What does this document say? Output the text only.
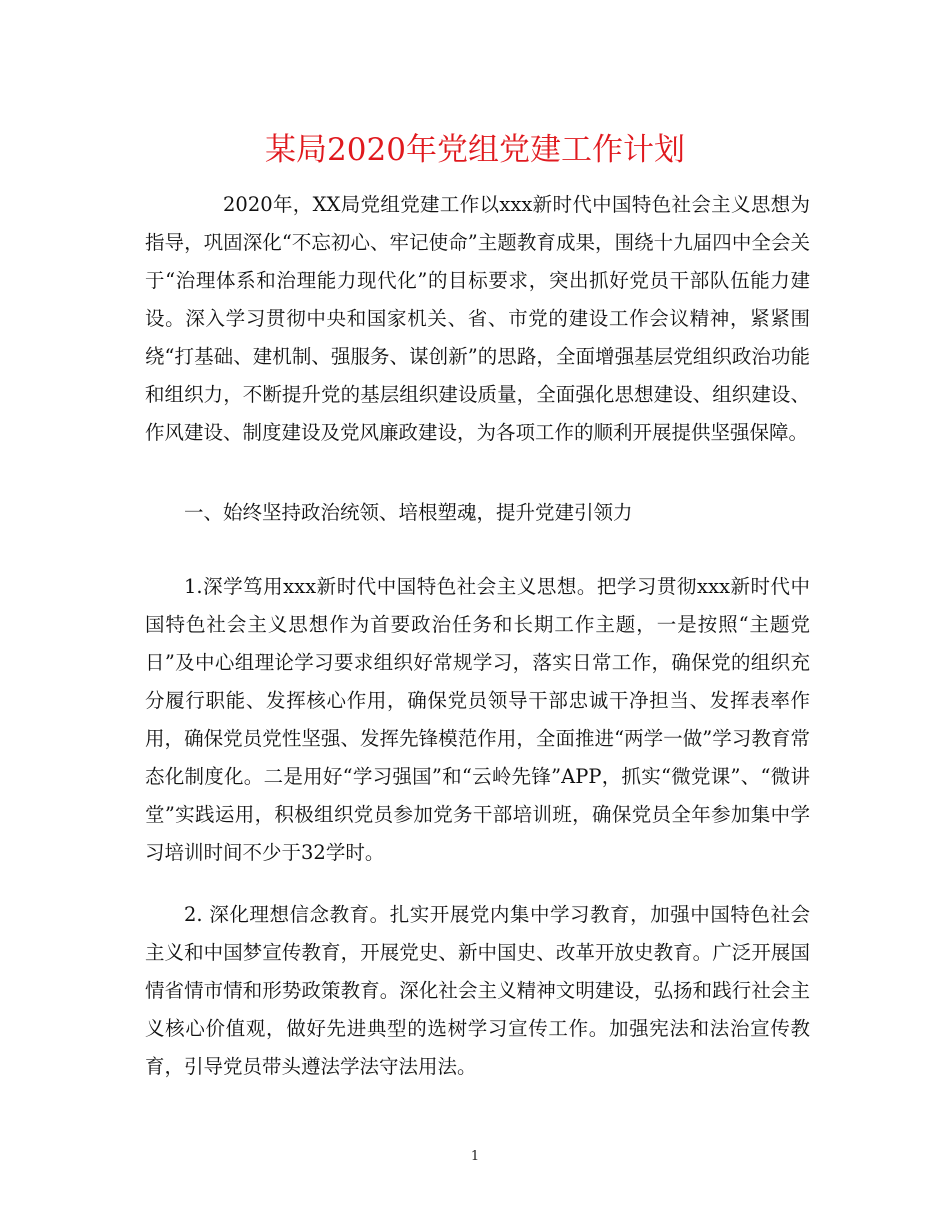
某局2020年党组党建工作计划

2020年，XX局党组党建工作以xxx新时代中国特色社会主义思想为指导，巩固深化“不忘初心、牢记使命”主题教育成果，围绕十九届四中全会关于“治理体系和治理能力现代化”的目标要求，突出抓好党员干部队伍能力建设。深入学习贯彻中央和国家机关、省、市党的建设工作会议精神，紧紧围绕“打基础、建机制、强服务、谋创新”的思路，全面增强基层党组织政治功能和组织力，不断提升党的基层组织建设质量，全面强化思想建设、组织建设、作风建设、制度建设及党风廉政建设，为各项工作的顺利开展提供坚强保障。

一、始终坚持政治统领、培根塑魂，提升党建引领力

1.深学笃用xxx新时代中国特色社会主义思想。把学习贯彻xxx新时代中国特色社会主义思想作为首要政治任务和长期工作主题，一是按照“主题党日”及中心组理论学习要求组织好常规学习，落实日常工作，确保党的组织充分履行职能、发挥核心作用，确保党员领导干部忠诚干净担当、发挥表率作用，确保党员党性坚强、发挥先锋模范作用，全面推进“两学一做”学习教育常态化制度化。二是用好“学习强国”和“云岭先锋”APP，抓实“微党课”、“微讲堂”实践运用，积极组织党员参加党务干部培训班，确保党员全年参加集中学习培训时间不少于32学时。

2. 深化理想信念教育。扎实开展党内集中学习教育，加强中国特色社会主义和中国梦宣传教育，开展党史、新中国史、改革开放史教育。广泛开展国情省情市情和形势政策教育。深化社会主义精神文明建设，弘扬和践行社会主义核心价值观，做好先进典型的选树学习宣传工作。加强宪法和法治宣传教育，引导党员带头遵法学法守法用法。

1
